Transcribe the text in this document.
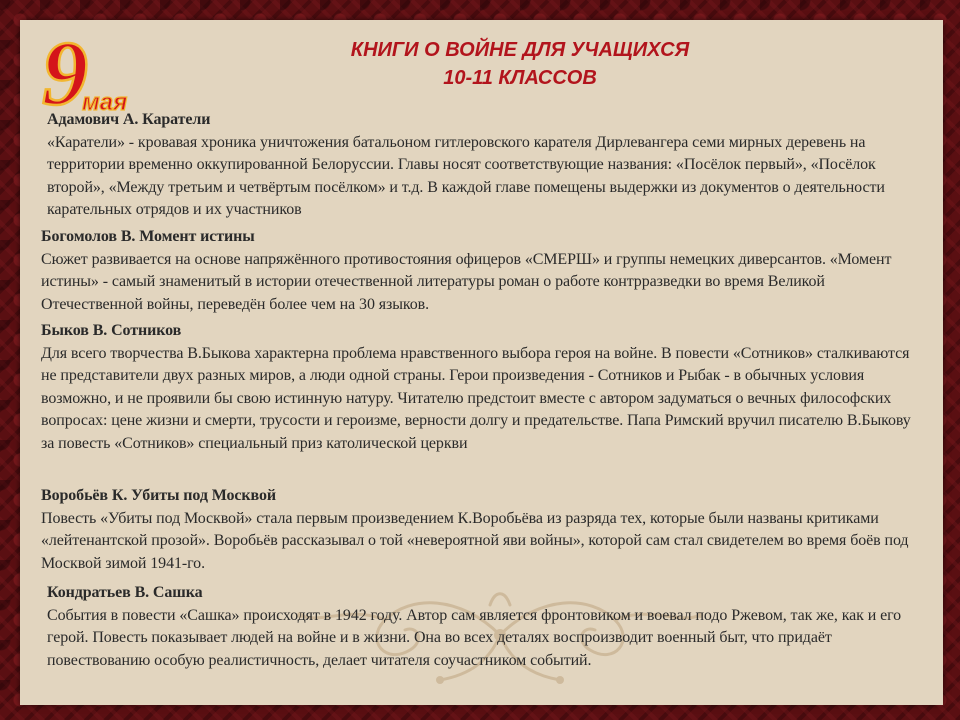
9
мая
КНИГИ О ВОЙНЕ ДЛЯ УЧАЩИХСЯ
10-11 КЛАССОВ
Адамович А. Каратели
«Каратели» - кровавая хроника уничтожения батальоном гитлеровского карателя Дирлевангера семи мирных деревень на территории временно оккупированной Белоруссии. Главы носят соответствующие названия: «Посёлок первый», «Посёлок второй», «Между третьим и четвёртым посёлком» и т.д. В каждой главе помещены выдержки из документов о деятельности карательных отрядов и их участников
Богомолов В. Момент истины
Сюжет развивается на основе напряжённого противостояния офицеров «СМЕРШ» и группы немецких диверсантов. «Момент истины» - самый знаменитый в истории отечественной литературы роман о работе контрразведки во время Великой Отечественной войны, переведён более чем на 30 языков.
Быков В. Сотников
Для всего творчества В.Быкова характерна проблема нравственного выбора героя на войне. В повести «Сотников» сталкиваются не представители двух разных миров, а люди одной страны. Герои произведения - Сотников и Рыбак - в обычных условия возможно, и не проявили бы свою истинную натуру. Читателю предстоит вместе с автором задуматься о вечных философских вопросах: цене жизни и смерти, трусости и героизме, верности долгу и предательстве. Папа Римский вручил писателю В.Быкову за повесть «Сотников» специальный приз католической церкви
Воробьёв К. Убиты под Москвой
Повесть «Убиты под Москвой» стала первым произведением К.Воробьёва из разряда тех, которые были названы критиками «лейтенантской прозой». Воробьёв рассказывал о той «невероятной яви войны», которой сам стал свидетелем во время боёв под Москвой зимой 1941-го.
Кондратьев В. Сашка
События в повести «Сашка» происходят в 1942 году. Автор сам является фронтовиком и воевал подо Ржевом, так же, как и его герой. Повесть показывает людей на войне и в жизни. Она во всех деталях воспроизводит военный быт, что придаёт повествованию особую реалистичность, делает читателя соучастником событий.
